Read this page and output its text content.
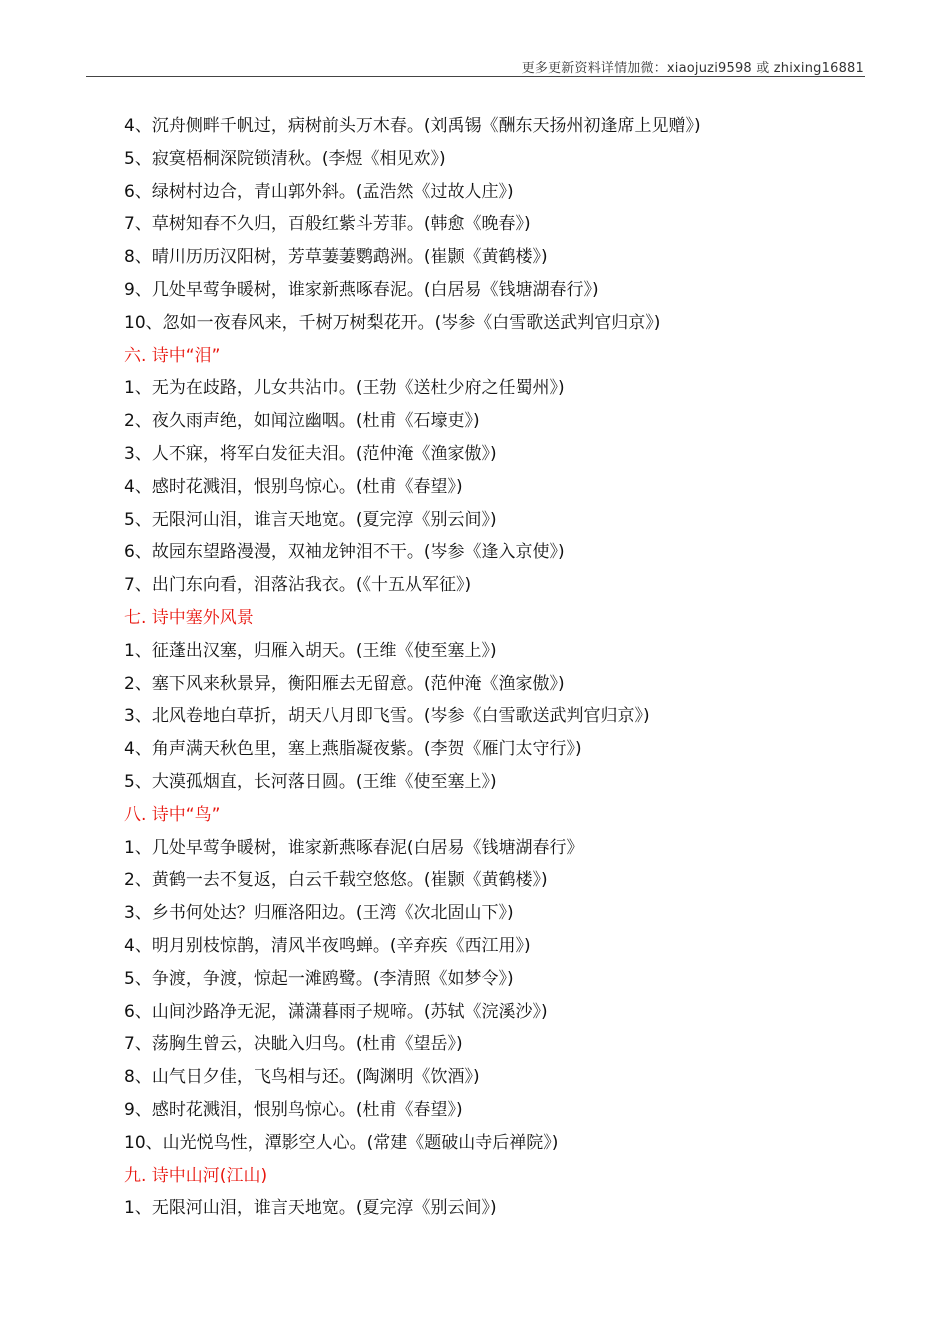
更多更新资料详情加微：xiaojuzi9598 或 zhixing16881
4、沉舟侧畔千帆过，病树前头万木春。(刘禹锡《酬东天扬州初逢席上见赠》)
5、寂寞梧桐深院锁清秋。(李煜《相见欢》)
6、绿树村边合，青山郭外斜。(孟浩然《过故人庄》)
7、草树知春不久归，百般红紫斗芳菲。(韩愈《晚春》)
8、晴川历历汉阳树，芳草萋萋鹦鹉洲。(崔颢《黄鹤楼》)
9、几处早莺争暖树，谁家新燕啄春泥。(白居易《钱塘湖春行》)
10、忽如一夜春风来，千树万树梨花开。(岑参《白雪歌送武判官归京》)
六. 诗中“泪”
1、无为在歧路，儿女共沾巾。(王勃《送杜少府之任蜀州》)
2、夜久雨声绝，如闻泣幽咽。(杜甫《石壕吏》)
3、人不寐，将军白发征夫泪。(范仲淹《渔家傲》)
4、感时花溅泪，恨别鸟惊心。(杜甫《春望》)
5、无限河山泪，谁言天地宽。(夏完淳《别云间》)
6、故园东望路漫漫，双袖龙钟泪不干。(岑参《逢入京使》)
7、出门东向看，泪落沾我衣。(《十五从军征》)
七. 诗中塞外风景
1、征蓬出汉塞，归雁入胡天。(王维《使至塞上》)
2、塞下风来秋景异，衡阳雁去无留意。(范仲淹《渔家傲》)
3、北风卷地白草折，胡天八月即飞雪。(岑参《白雪歌送武判官归京》)
4、角声满天秋色里，塞上燕脂凝夜紫。(李贺《雁门太守行》)
5、大漠孤烟直，长河落日圆。(王维《使至塞上》)
八. 诗中“鸟”
1、几处早莺争暖树，谁家新燕啄春泥(白居易《钱塘湖春行》
2、黄鹤一去不复返，白云千载空悠悠。(崔颢《黄鹤楼》)
3、乡书何处达？归雁洛阳边。(王湾《次北固山下》)
4、明月别枝惊鹊，清风半夜鸣蝉。(辛弃疾《西江用》)
5、争渡，争渡，惊起一滩鸥鹭。(李清照《如梦令》)
6、山间沙路净无泥，潇潇暮雨子规啼。(苏轼《浣溪沙》)
7、荡胸生曾云，决眦入归鸟。(杜甫《望岳》)
8、山气日夕佳，飞鸟相与还。(陶渊明《饮酒》)
9、感时花溅泪，恨别鸟惊心。(杜甫《春望》)
10、山光悦鸟性，潭影空人心。(常建《题破山寺后禅院》)
九. 诗中山河(江山)
1、无限河山泪，谁言天地宽。(夏完淳《别云间》)
